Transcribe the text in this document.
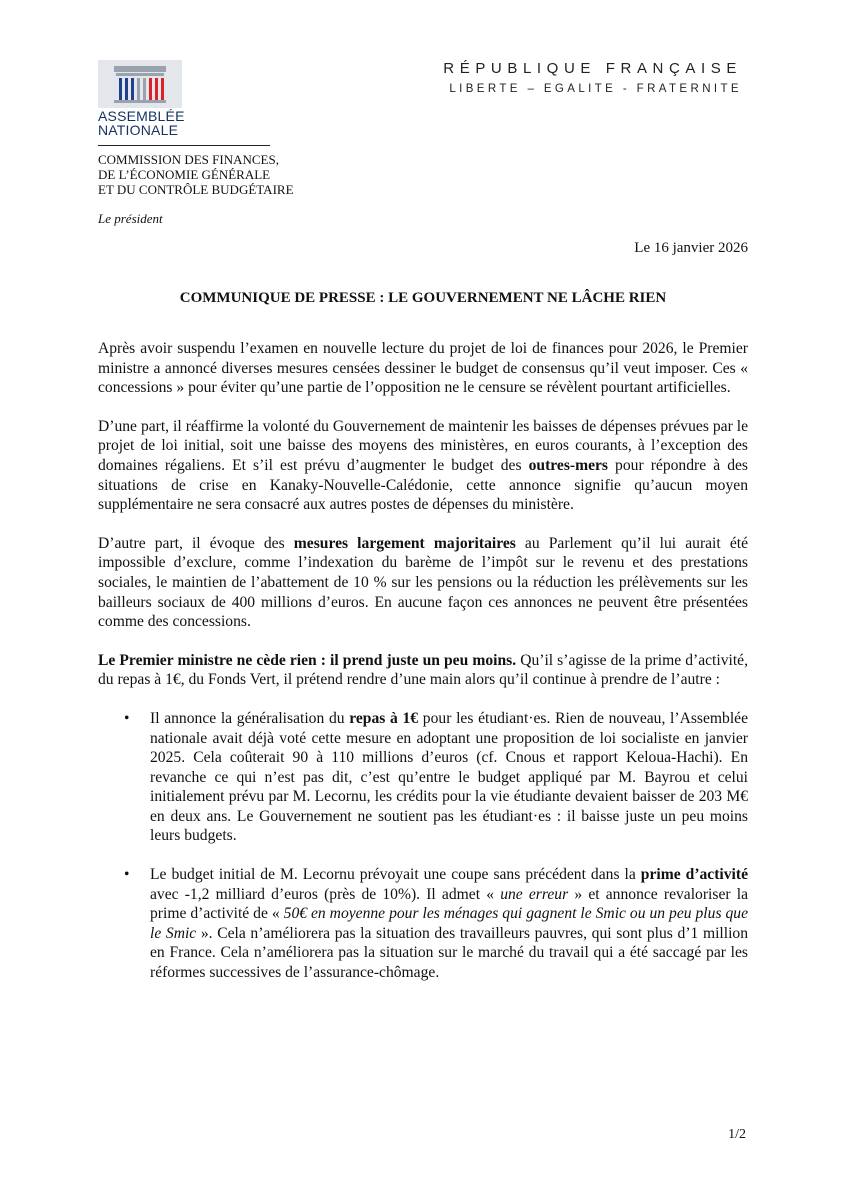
ASSEMBLÉE
NATIONALE
RÉPUBLIQUE FRANÇAISE
LIBERTE – EGALITE - FRATERNITE
COMMISSION DES FINANCES,
DE L’ÉCONOMIE GÉNÉRALE
ET DU CONTRÔLE BUDGÉTAIRE
Le président
Le 16 janvier 2026
COMMUNIQUE DE PRESSE : LE GOUVERNEMENT NE LÂCHE RIEN

Après avoir suspendu l’examen en nouvelle lecture du projet de loi de finances pour 2026, le Premier ministre a annoncé diverses mesures censées dessiner le budget de consensus qu’il veut imposer. Ces « concessions » pour éviter qu’une partie de l’opposition ne le censure se révèlent pourtant artificielles.

D’une part, il réaffirme la volonté du Gouvernement de maintenir les baisses de dépenses prévues par le projet de loi initial, soit une baisse des moyens des ministères, en euros courants, à l’exception des domaines régaliens. Et s’il est prévu d’augmenter le budget des outres-mers pour répondre à des situations de crise en Kanaky-Nouvelle-Calédonie, cette annonce signifie qu’aucun moyen supplémentaire ne sera consacré aux autres postes de dépenses du ministère.

D’autre part, il évoque des mesures largement majoritaires au Parlement qu’il lui aurait été impossible d’exclure, comme l’indexation du barème de l’impôt sur le revenu et des prestations sociales, le maintien de l’abattement de 10 % sur les pensions ou la réduction les prélèvements sur les bailleurs sociaux de 400 millions d’euros. En aucune façon ces annonces ne peuvent être présentées comme des concessions.

Le Premier ministre ne cède rien : il prend juste un peu moins. Qu’il s’agisse de la prime d’activité, du repas à 1€, du Fonds Vert, il prétend rendre d’une main alors qu’il continue à prendre de l’autre :

• Il annonce la généralisation du repas à 1€ pour les étudiant·es. Rien de nouveau, l’Assemblée nationale avait déjà voté cette mesure en adoptant une proposition de loi socialiste en janvier 2025. Cela coûterait 90 à 110 millions d’euros (cf. Cnous et rapport Keloua-Hachi). En revanche ce qui n’est pas dit, c’est qu’entre le budget appliqué par M. Bayrou et celui initialement prévu par M. Lecornu, les crédits pour la vie étudiante devaient baisser de 203 M€ en deux ans. Le Gouvernement ne soutient pas les étudiant·es : il baisse juste un peu moins leurs budgets.
• Le budget initial de M. Lecornu prévoyait une coupe sans précédent dans la prime d’activité avec -1,2 milliard d’euros (près de 10%). Il admet « une erreur » et annonce revaloriser la prime d’activité de « 50€ en moyenne pour les ménages qui gagnent le Smic ou un peu plus que le Smic ». Cela n’améliorera pas la situation des travailleurs pauvres, qui sont plus d’1 million en France. Cela n’améliorera pas la situation sur le marché du travail qui a été saccagé par les réformes successives de l’assurance-chômage.
1/2
